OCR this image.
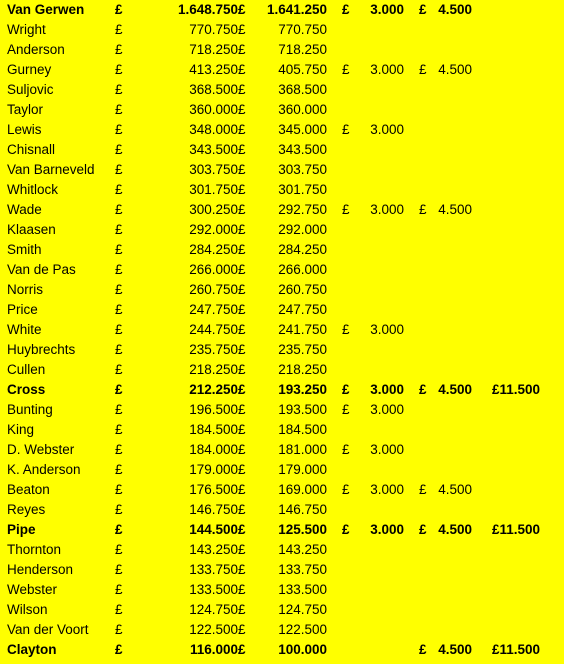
Van Gerwen £	1.648.750 £	1.641.250 £	3.000 £ 4.500
Wright	£	770.750 £	770.750
Anderson	£	718.250 £	718.250
Gurney	£	413.250 £	405.750 £	3.000 £ 4.500
Suljovic	£	368.500 £	368.500
Taylor	£	360.000 £	360.000
Lewis	£	348.000 £	345.000 £	3.000
Chisnall	£	343.500 £	343.500
Van Barneveld £	303.750 £	303.750
Whitlock	£	301.750 £	301.750
Wade	£	300.250 £	292.750 £	3.000 £ 4.500
Klaasen	£	292.000 £	292.000
Smith	£	284.250 £	284.250
Van de Pas	£	266.000 £	266.000
Norris	£	260.750 £	260.750
Price	£	247.750 £	247.750
White	£	244.750 £	241.750 £	3.000
Huybrechts	£	235.750 £	235.750
Cullen	£	218.250 £	218.250
Cross	£	212.250 £	193.250 £	3.000 £ 4.500	£11.500
Bunting	£	196.500 £	193.500 £	3.000
King	£	184.500 £	184.500
D. Webster	£	184.000 £	181.000 £	3.000
K. Anderson	£	179.000 £	179.000
Beaton	£	176.500 £	169.000 £	3.000 £ 4.500
Reyes	£	146.750 £	146.750
Pipe	£	144.500 £	125.500 £	3.000 £ 4.500	£11.500
Thornton	£	143.250 £	143.250
Henderson	£	133.750 £	133.750
Webster	£	133.500 £	133.500
Wilson	£	124.750 £	124.750
Van der Voort £	122.500 £	122.500
Clayton	£	116.000 £	100.000	£ 4.500	£11.500
